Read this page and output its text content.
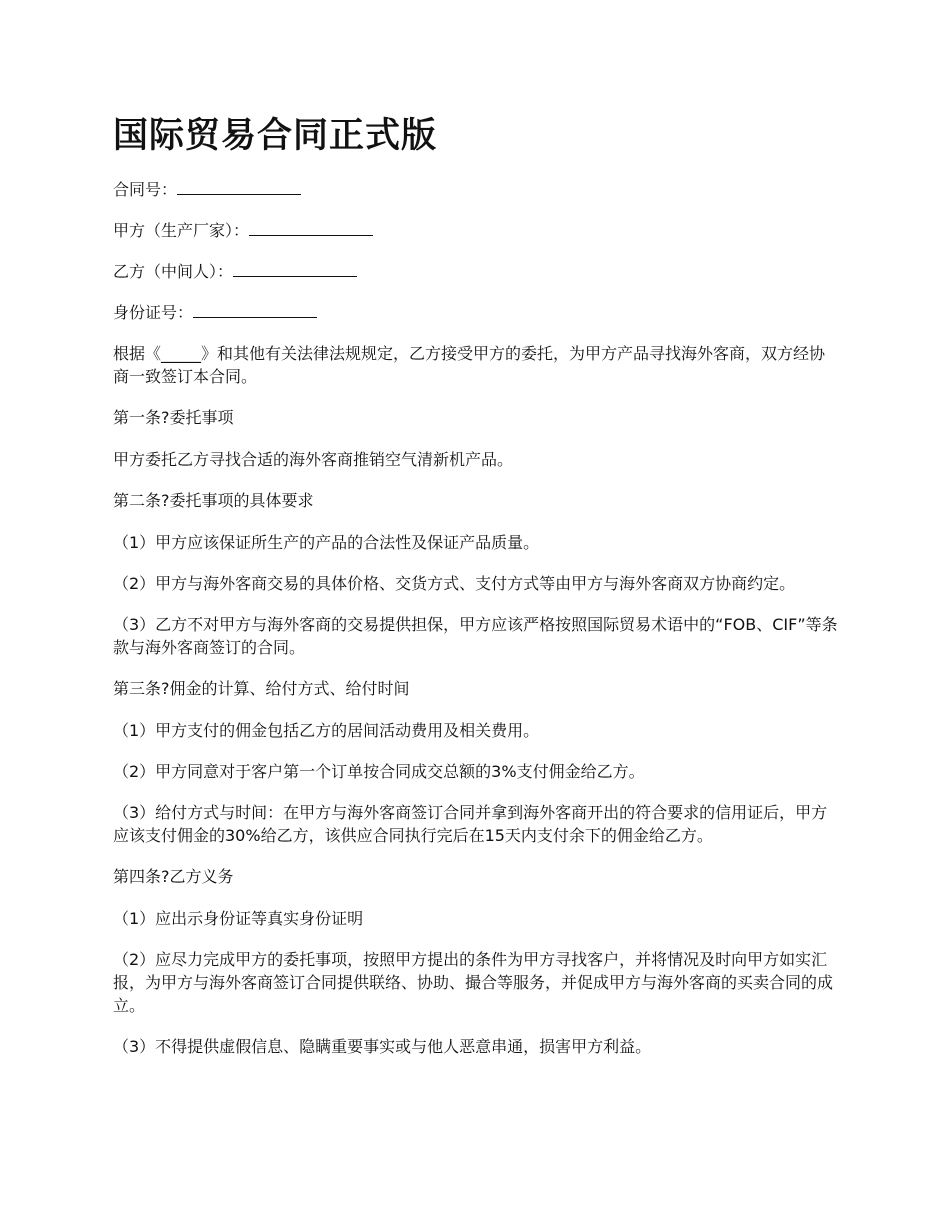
国际贸易合同正式版
合同号：
甲方（生产厂家）：
乙方（中间人）：
身份证号：

根据《_____》和其他有关法律法规规定，乙方接受甲方的委托，为甲方产品寻找海外客商，双方经协商一致签订本合同。

第一条?委托事项

甲方委托乙方寻找合适的海外客商推销空气清新机产品。

第二条?委托事项的具体要求

（1）甲方应该保证所生产的产品的合法性及保证产品质量。

（2）甲方与海外客商交易的具体价格、交货方式、支付方式等由甲方与海外客商双方协商约定。

（3）乙方不对甲方与海外客商的交易提供担保，甲方应该严格按照国际贸易术语中的“FOB、CIF”等条款与海外客商签订的合同。

第三条?佣金的计算、给付方式、给付时间

（1）甲方支付的佣金包括乙方的居间活动费用及相关费用。

（2）甲方同意对于客户第一个订单按合同成交总额的3%支付佣金给乙方。

（3）给付方式与时间：在甲方与海外客商签订合同并拿到海外客商开出的符合要求的信用证后，甲方应该支付佣金的30%给乙方，该供应合同执行完后在15天内支付余下的佣金给乙方。

第四条?乙方义务

（1）应出示身份证等真实身份证明

（2）应尽力完成甲方的委托事项，按照甲方提出的条件为甲方寻找客户，并将情况及时向甲方如实汇报，为甲方与海外客商签订合同提供联络、协助、撮合等服务，并促成甲方与海外客商的买卖合同的成立。

（3）不得提供虚假信息、隐瞒重要事实或与他人恶意串通，损害甲方利益。
